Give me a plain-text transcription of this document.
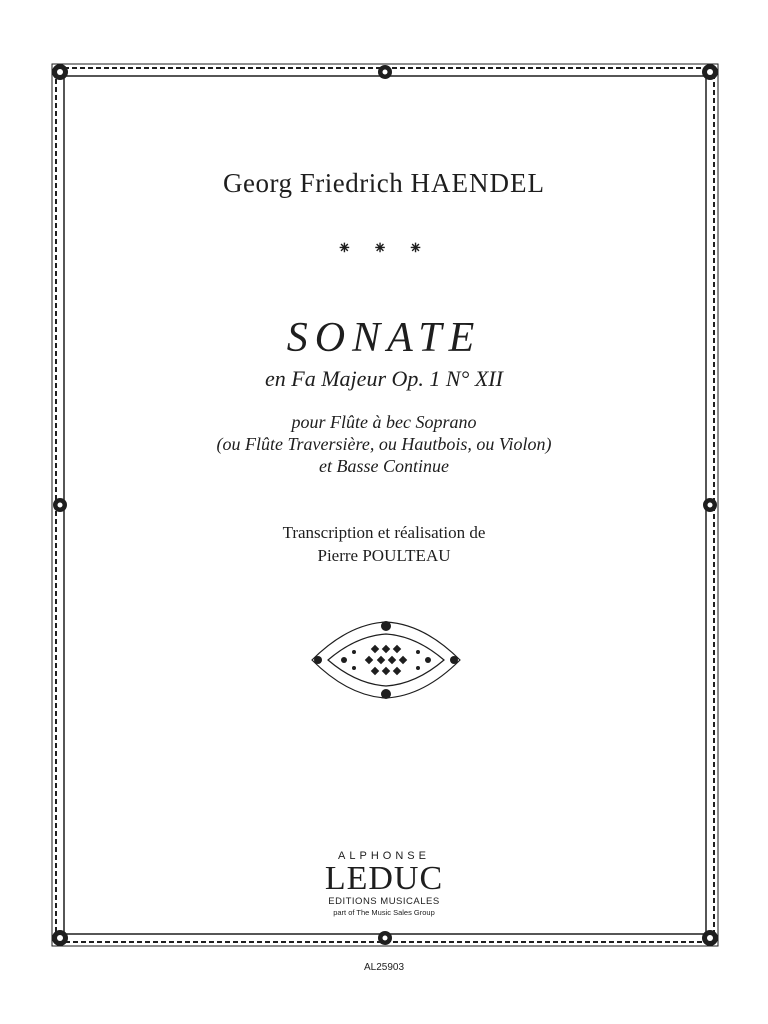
Georg Friedrich HAENDEL
⁕ ⁕ ⁕
SONATE
en Fa Majeur Op. 1 N° XII
pour Flûte à bec Soprano
(ou Flûte Traversière, ou Hautbois, ou Violon)
et Basse Continue
Transcription et réalisation de
Pierre POULTEAU
ALPHONSE
LEDUC
EDITIONS MUSICALES
part of The Music Sales Group
AL25903
